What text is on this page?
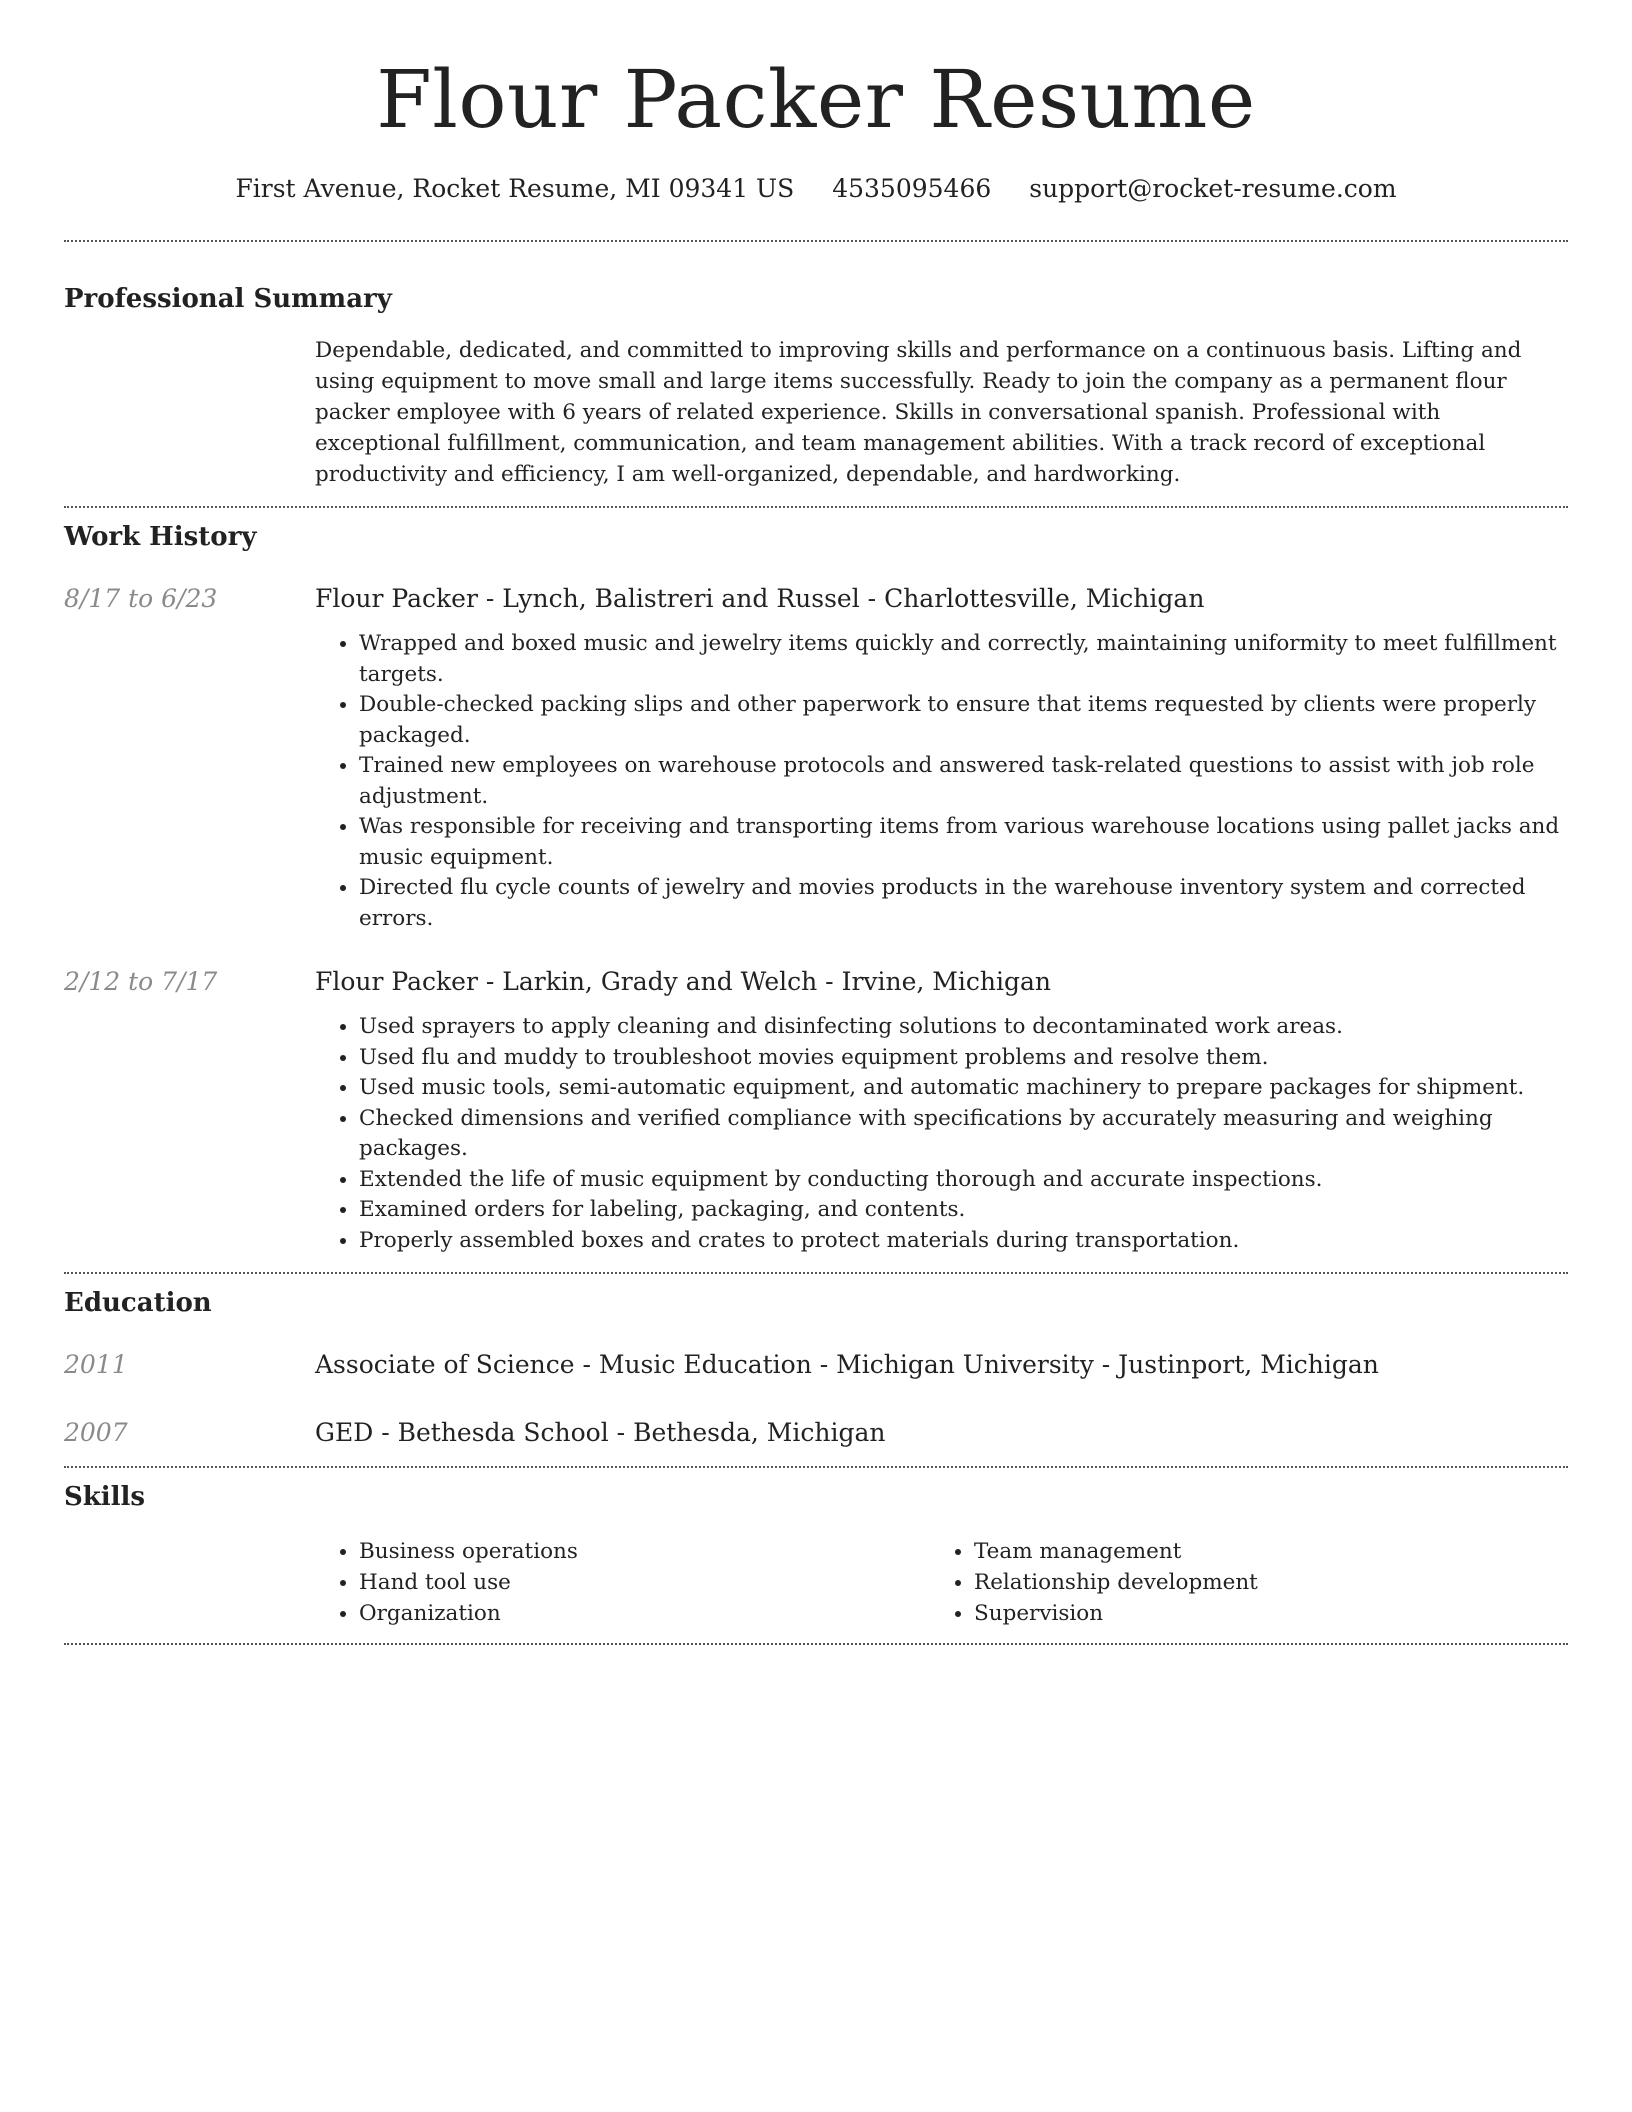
Flour Packer Resume
First Avenue, Rocket Resume, MI 09341 US 4535095466 support@rocket-resume.com
Professional Summary

Dependable, dedicated, and committed to improving skills and performance on a continuous basis. Lifting and using equipment to move small and large items successfully. Ready to join the company as a permanent flour packer employee with 6 years of related experience. Skills in conversational spanish. Professional with exceptional fulfillment, communication, and team management abilities. With a track record of exceptional productivity and efficiency, I am well-organized, dependable, and hardworking.

Work History
8/17 to 6/23	Flour Packer - Lynch, Balistreri and Russel - Charlottesville, Michigan
• Wrapped and boxed music and jewelry items quickly and correctly, maintaining uniformity to meet fulfillment targets.
• Double-checked packing slips and other paperwork to ensure that items requested by clients were properly packaged.
• Trained new employees on warehouse protocols and answered task-related questions to assist with job role adjustment.
• Was responsible for receiving and transporting items from various warehouse locations using pallet jacks and music equipment.
• Directed flu cycle counts of jewelry and movies products in the warehouse inventory system and corrected errors.
2/12 to 7/17	Flour Packer - Larkin, Grady and Welch - Irvine, Michigan
• Used sprayers to apply cleaning and disinfecting solutions to decontaminated work areas.
• Used flu and muddy to troubleshoot movies equipment problems and resolve them.
• Used music tools, semi-automatic equipment, and automatic machinery to prepare packages for shipment.
• Checked dimensions and verified compliance with specifications by accurately measuring and weighing packages.
• Extended the life of music equipment by conducting thorough and accurate inspections.
• Examined orders for labeling, packaging, and contents.
• Properly assembled boxes and crates to protect materials during transportation.
Education
2011	Associate of Science - Music Education - Michigan University - Justinport, Michigan
2007	GED - Bethesda School - Bethesda, Michigan
Skills
• Business operations
• Hand tool use
• Organization
• Team management
• Relationship development
• Supervision
